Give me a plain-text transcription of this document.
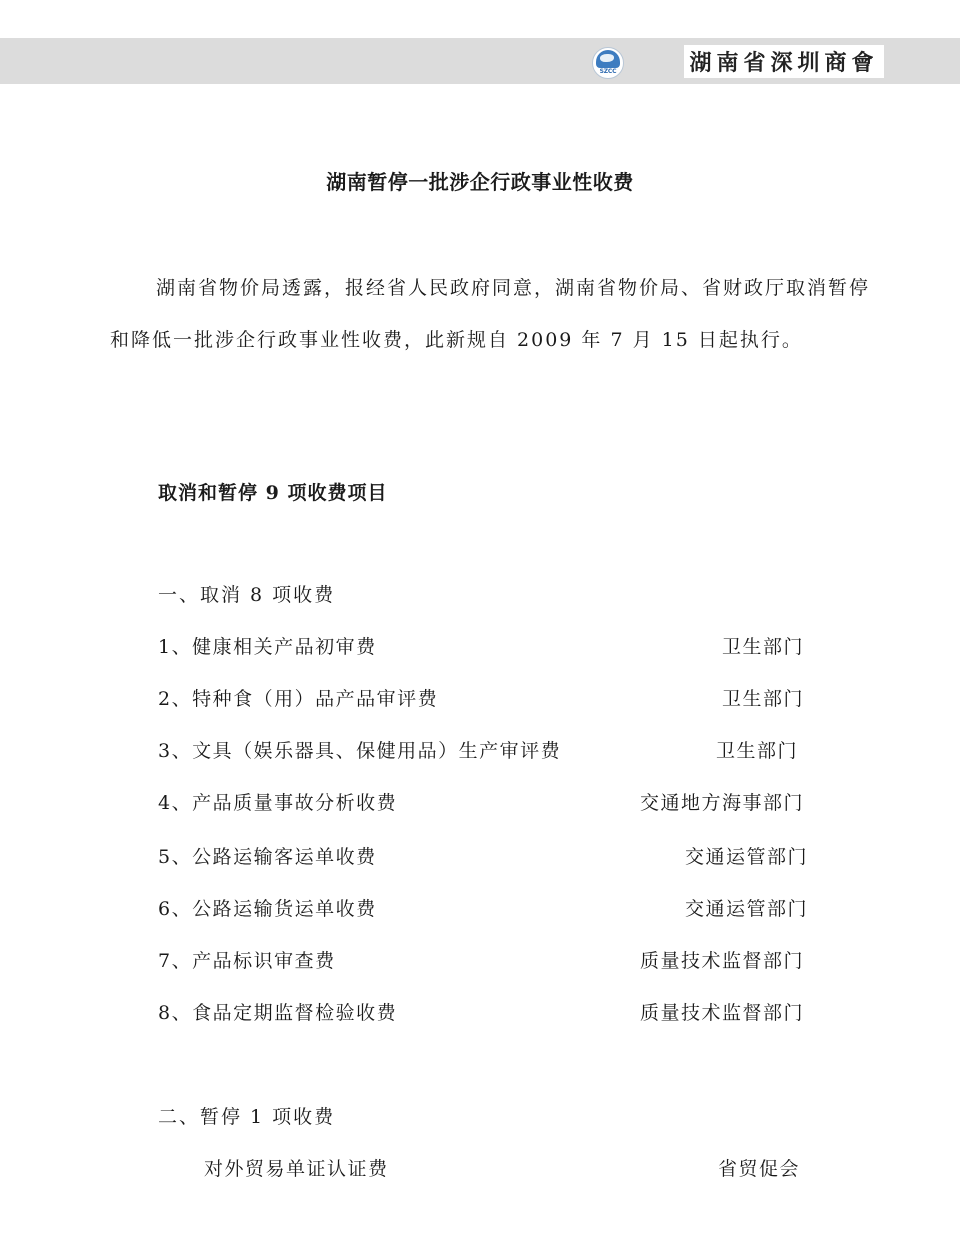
SZCC	湖南省深圳商會
湖南暂停一批涉企行政事业性收费

湖南省物价局透露，报经省人民政府同意，湖南省物价局、省财政厅取消暂停和降低一批涉企行政事业性收费，此新规自 2009 年 7 月 15 日起执行。

取消和暂停 9 项收费项目
一、取消 8 项收费
1、健康相关产品初审费	卫生部门
2、特种食（用）品产品审评费	卫生部门
3、文具（娱乐器具、保健用品）生产审评费	卫生部门
4、产品质量事故分析收费	交通地方海事部门
5、公路运输客运单收费	交通运管部门
6、公路运输货运单收费	交通运管部门
7、产品标识审查费	质量技术监督部门
8、食品定期监督检验收费	质量技术监督部门
二、暂停 1 项收费
对外贸易单证认证费	省贸促会
